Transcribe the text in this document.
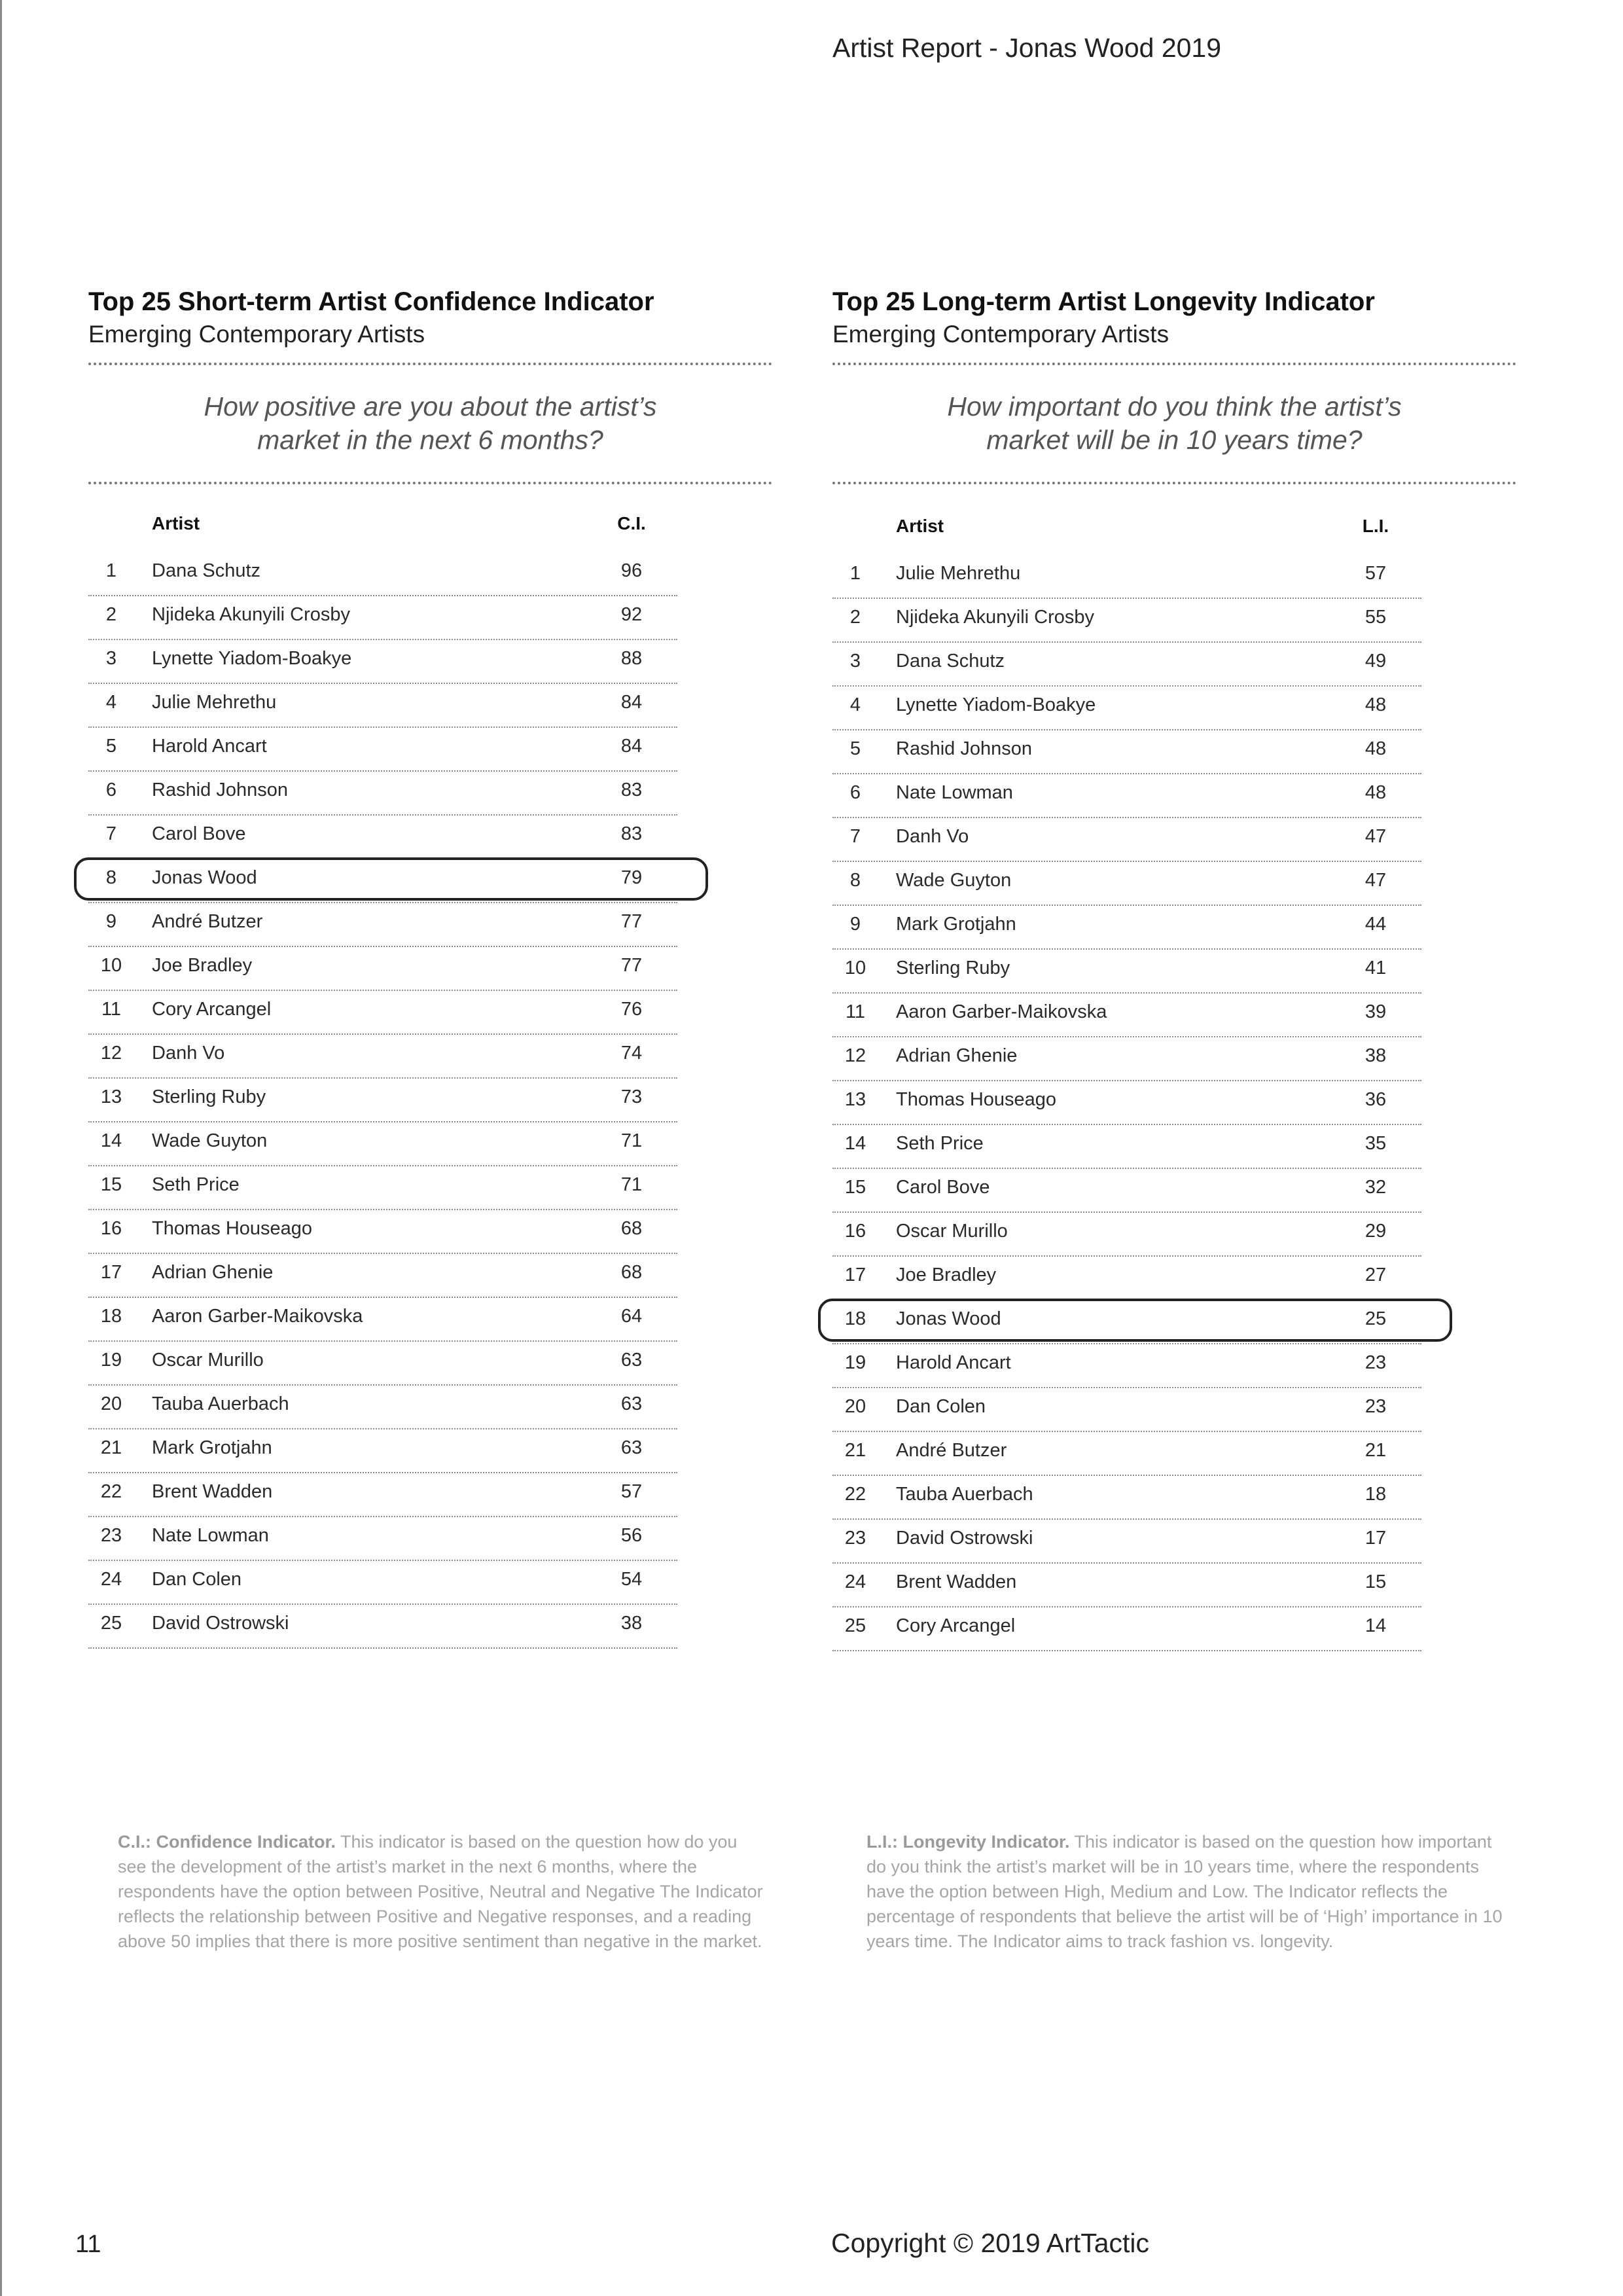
Artist Report - Jonas Wood 2019
Top 25 Short-term Artist Confidence Indicator
Emerging Contemporary Artists
How positive are you about the artist’s
market in the next 6 months?
Artist	C.I.
1	Dana Schutz	96
2	Njideka Akunyili Crosby	92
3	Lynette Yiadom-Boakye	88
4	Julie Mehrethu	84
5	Harold Ancart	84
6	Rashid Johnson	83
7	Carol Bove	83
8	Jonas Wood	79
9	André Butzer	77
10	Joe Bradley	77
11	Cory Arcangel	76
12	Danh Vo	74
13	Sterling Ruby	73
14	Wade Guyton	71
15	Seth Price	71
16	Thomas Houseago	68
17	Adrian Ghenie	68
18	Aaron Garber-Maikovska	64
19	Oscar Murillo	63
20	Tauba Auerbach	63
21	Mark Grotjahn	63
22	Brent Wadden	57
23	Nate Lowman	56
24	Dan Colen	54
25	David Ostrowski	38
Top 25 Long-term Artist Longevity Indicator
Emerging Contemporary Artists
How important do you think the artist’s
market will be in 10 years time?
Artist	L.I.
1	Julie Mehrethu	57
2	Njideka Akunyili Crosby	55
3	Dana Schutz	49
4	Lynette Yiadom-Boakye	48
5	Rashid Johnson	48
6	Nate Lowman	48
7	Danh Vo	47
8	Wade Guyton	47
9	Mark Grotjahn	44
10	Sterling Ruby	41
11	Aaron Garber-Maikovska	39
12	Adrian Ghenie	38
13	Thomas Houseago	36
14	Seth Price	35
15	Carol Bove	32
16	Oscar Murillo	29
17	Joe Bradley	27
18	Jonas Wood	25
19	Harold Ancart	23
20	Dan Colen	23
21	André Butzer	21
22	Tauba Auerbach	18
23	David Ostrowski	17
24	Brent Wadden	15
25	Cory Arcangel	14
C.I.: Confidence Indicator. This indicator is based on the question how do you see the development of the artist’s market in the next 6 months, where the respondents have the option between Positive, Neutral and Negative The Indicator reflects the relationship between Positive and Negative responses, and a reading above 50 implies that there is more positive sentiment than negative in the market.
L.I.: Longevity Indicator. This indicator is based on the question how important do you think the artist’s market will be in 10 years time, where the respondents have the option between High, Medium and Low. The Indicator reflects the percentage of respondents that believe the artist will be of ‘High’ importance in 10 years time. The Indicator aims to track fashion vs. longevity.
11	Copyright © 2019 ArtTactic
